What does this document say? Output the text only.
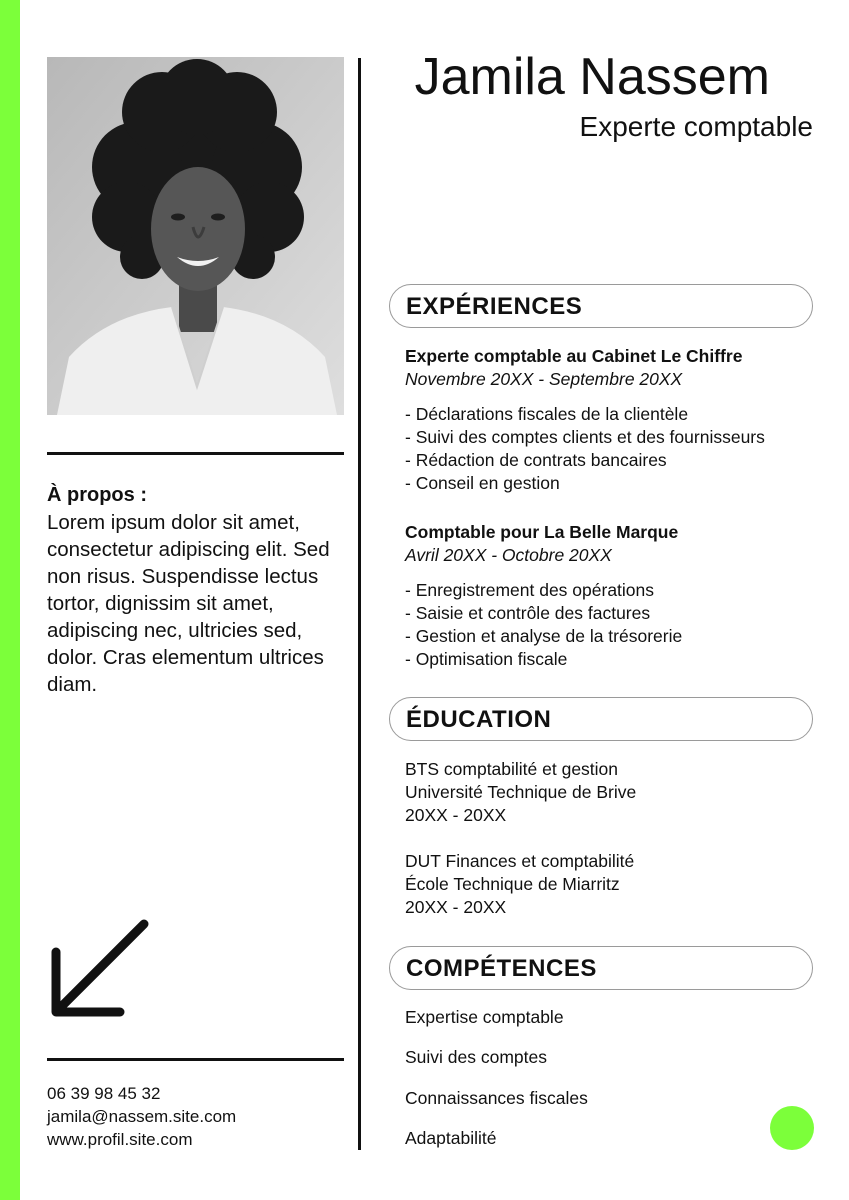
À propos :
Lorem ipsum dolor sit amet, consectetur adipiscing elit. Sed non risus. Suspendisse lectus tortor, dignissim sit amet, adipiscing nec, ultricies sed, dolor. Cras elementum ultrices diam.
06 39 98 45 32
jamila@nassem.site.com
www.profil.site.com
Jamila Nassem
Experte comptable
EXPÉRIENCES
Experte comptable au Cabinet Le Chiffre
Novembre 20XX - Septembre 20XX
- Déclarations fiscales de la clientèle
- Suivi des comptes clients et des fournisseurs
- Rédaction de contrats bancaires
- Conseil en gestion
Comptable pour La Belle Marque
Avril 20XX - Octobre 20XX
- Enregistrement des opérations
- Saisie et contrôle des factures
- Gestion et analyse de la trésorerie
- Optimisation fiscale
ÉDUCATION
BTS comptabilité et gestion
Université Technique de Brive
20XX - 20XX
DUT Finances et comptabilité
École Technique de Miarritz
20XX - 20XX
COMPÉTENCES
Expertise comptable
Suivi des comptes
Connaissances fiscales
Adaptabilité
